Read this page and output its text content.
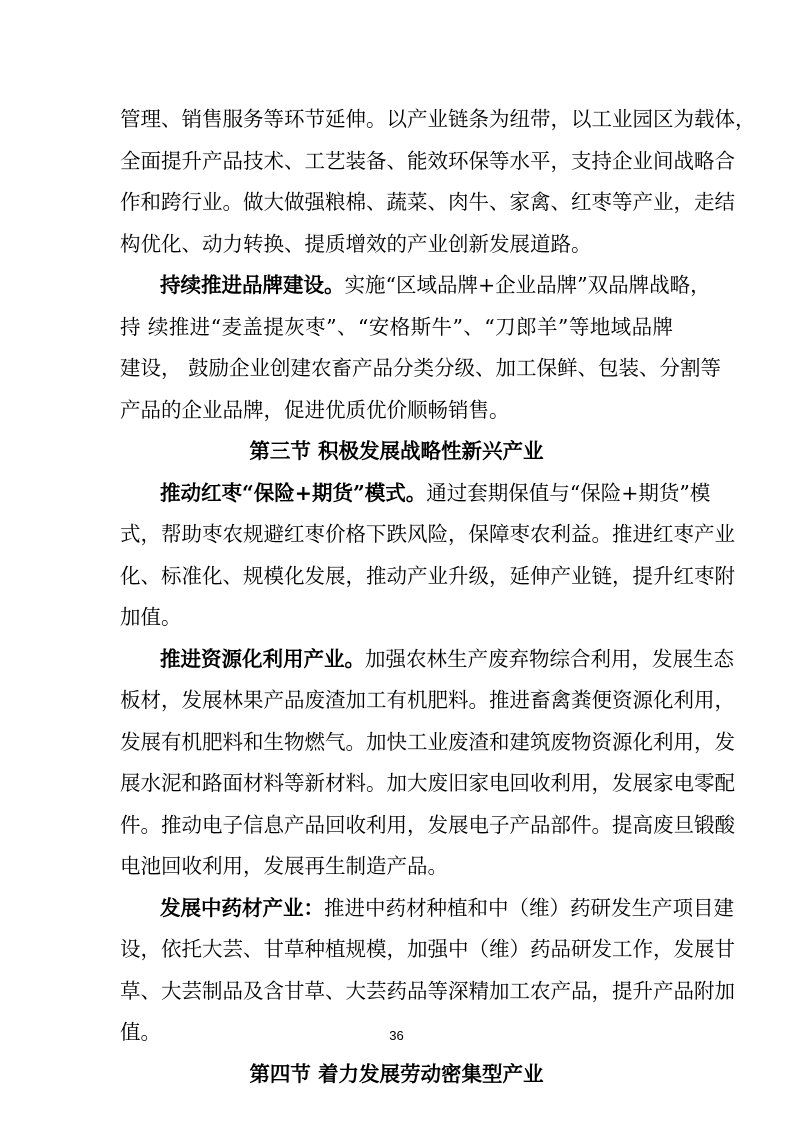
管理、销售服务等环节延伸。以产业链条为纽带，以工业园区为载体，
全面提升产品技术、工艺装备、能效环保等水平，支持企业间战略合
作和跨行业。做大做强粮棉、蔬菜、肉牛、家禽、红枣等产业，走结
构优化、动力转换、提质增效的产业创新发展道路。
持续推进品牌建设。实施“区域品牌+企业品牌”双品牌战略，
持 续推进“麦盖提灰枣”、“安格斯牛”、“刀郎羊”等地域品牌
建设， 鼓励企业创建农畜产品分类分级、加工保鲜、包装、分割等
产品的企业品牌，促进优质优价顺畅销售。
推动红枣“保险+期货”模式。通过套期保值与“保险+期货”模
式，帮助枣农规避红枣价格下跌风险，保障枣农利益。推进红枣产业
化、标准化、规模化发展，推动产业升级，延伸产业链，提升红枣附
加值。
推进资源化利用产业。加强农林生产废弃物综合利用，发展生态
板材，发展林果产品废渣加工有机肥料。推进畜禽粪便资源化利用，
发展有机肥料和生物燃气。加快工业废渣和建筑废物资源化利用，发
展水泥和路面材料等新材料。加大废旧家电回收利用，发展家电零配
件。推动电子信息产品回收利用，发展电子产品部件。提高废旦锻酸
电池回收利用，发展再生制造产品。
发展中药材产业：推进中药材种植和中（维）药研发生产项目建
设，依托大芸、甘草种植规模，加强中（维）药品研发工作，发展甘
草、大芸制品及含甘草、大芸药品等深精加工农产品，提升产品附加
值。
第三节 积极发展战略性新兴产业
第四节 着力发展劳动密集型产业
36
